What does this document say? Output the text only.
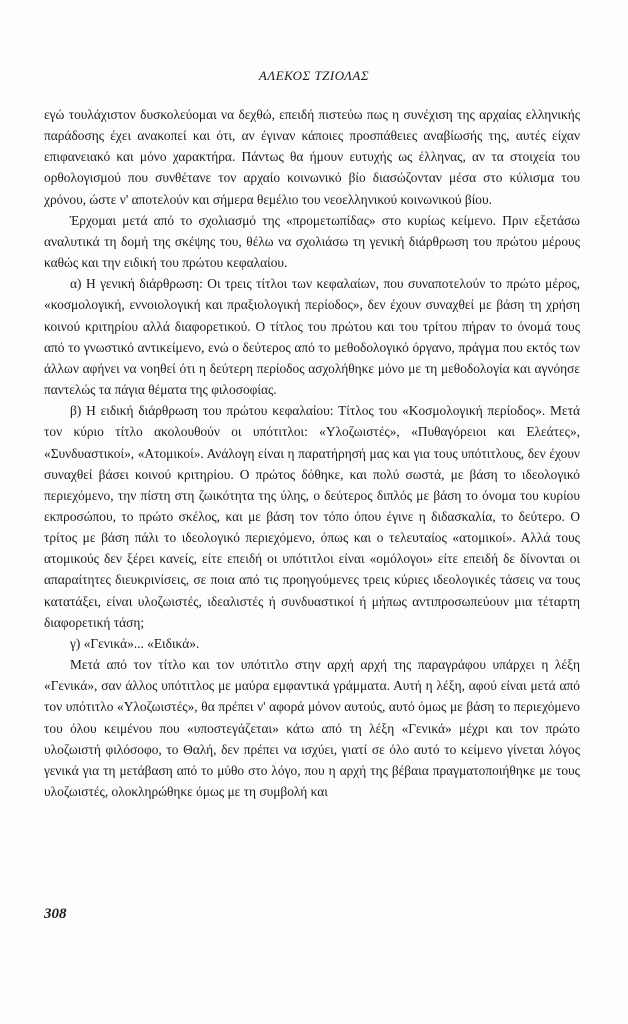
ΑΛΕΚΟΣ ΤΖΙΟΛΑΣ

εγώ τουλάχιστον δυσκολεύομαι να δεχθώ, επειδή πιστεύω πως η συνέχιση της αρχαίας ελληνικής παράδοσης έχει ανακοπεί και ότι, αν έγιναν κάποιες προσπάθειες αναβίωσής της, αυτές είχαν επιφανειακό και μόνο χαρακτήρα. Πάντως θα ήμουν ευτυχής ως έλληνας, αν τα στοιχεία του ορθολογισμού που συνθέτανε τον αρχαίο κοινωνικό βίο διασώζονταν μέσα στο κύλισμα του χρόνου, ώστε ν' αποτελούν και σήμερα θεμέλιο του νεοελληνικού κοινωνικού βίου.

Έρχομαι μετά από το σχολιασμό της «προμετωπίδας» στο κυρίως κείμενο. Πριν εξετάσω αναλυτικά τη δομή της σκέψης του, θέλω να σχολιάσω τη γενική διάρθρωση του πρώτου μέρους καθώς και την ειδική του πρώτου κεφαλαίου.

α) Η γενική διάρθρωση: Οι τρεις τίτλοι των κεφαλαίων, που συναποτελούν το πρώτο μέρος, «κοσμολογική, εννοιολογική και πραξιολογική περίοδος», δεν έχουν συναχθεί με βάση τη χρήση κοινού κριτηρίου αλλά διαφορετικού. Ο τίτλος του πρώτου και του τρίτου πήραν το όνομά τους από το γνωστικό αντικείμενο, ενώ ο δεύτερος από το μεθοδολογικό όργανο, πράγμα που εκτός των άλλων αφήνει να νοηθεί ότι η δεύτερη περίοδος ασχολήθηκε μόνο με τη μεθοδολογία και αγνόησε παντελώς τα πάγια θέματα της φιλοσοφίας.

β) Η ειδική διάρθρωση του πρώτου κεφαλαίου: Τίτλος του «Κοσμολογική περίοδος». Μετά τον κύριο τίτλο ακολουθούν οι υπότιτλοι: «Υλοζωιστές», «Πυθαγόρειοι και Ελεάτες», «Συνδυαστικοί», «Ατομικοί». Ανάλογη είναι η παρατήρησή μας και για τους υπότιτλους, δεν έχουν συναχθεί βάσει κοινού κριτηρίου. Ο πρώτος δόθηκε, και πολύ σωστά, με βάση το ιδεολογικό περιεχόμενο, την πίστη στη ζωικότητα της ύλης, ο δεύτερος διπλός με βάση το όνομα του κυρίου εκπροσώπου, το πρώτο σκέλος, και με βάση τον τόπο όπου έγινε η διδασκαλία, το δεύτερο. Ο τρίτος με βάση πάλι το ιδεολογικό περιεχόμενο, όπως και ο τελευταίος «ατομικοί». Αλλά τους ατομικούς δεν ξέρει κανείς, είτε επειδή οι υπότιτλοι είναι «ομόλογοι» είτε επειδή δε δίνονται οι απαραίτητες διευκρινίσεις, σε ποια από τις προηγούμενες τρεις κύριες ιδεολογικές τάσεις να τους κατατάξει, είναι υλοζωιστές, ιδεαλιστές ή συνδυαστικοί ή μήπως αντιπροσωπεύουν μια τέταρτη διαφορετική τάση;

γ) «Γενικά»... «Ειδικά».

Μετά από τον τίτλο και τον υπότιτλο στην αρχή αρχή της παραγράφου υπάρχει η λέξη «Γενικά», σαν άλλος υπότιτλος με μαύρα εμφαντικά γράμματα. Αυτή η λέξη, αφού είναι μετά από τον υπότιτλο «Υλοζωιστές», θα πρέπει ν' αφορά μόνον αυτούς, αυτό όμως με βάση το περιεχόμενο του όλου κειμένου που «υποστεγάζεται» κάτω από τη λέξη «Γενικά» μέχρι και τον πρώτο υλοζωιστή φιλόσοφο, το Θαλή, δεν πρέπει να ισχύει, γιατί σε όλο αυτό το κείμενο γίνεται λόγος γενικά για τη μετάβαση από το μύθο στο λόγο, που η αρχή της βέβαια πραγματοποιήθηκε με τους υλοζωιστές, ολοκληρώθηκε όμως με τη συμβολή και

308
